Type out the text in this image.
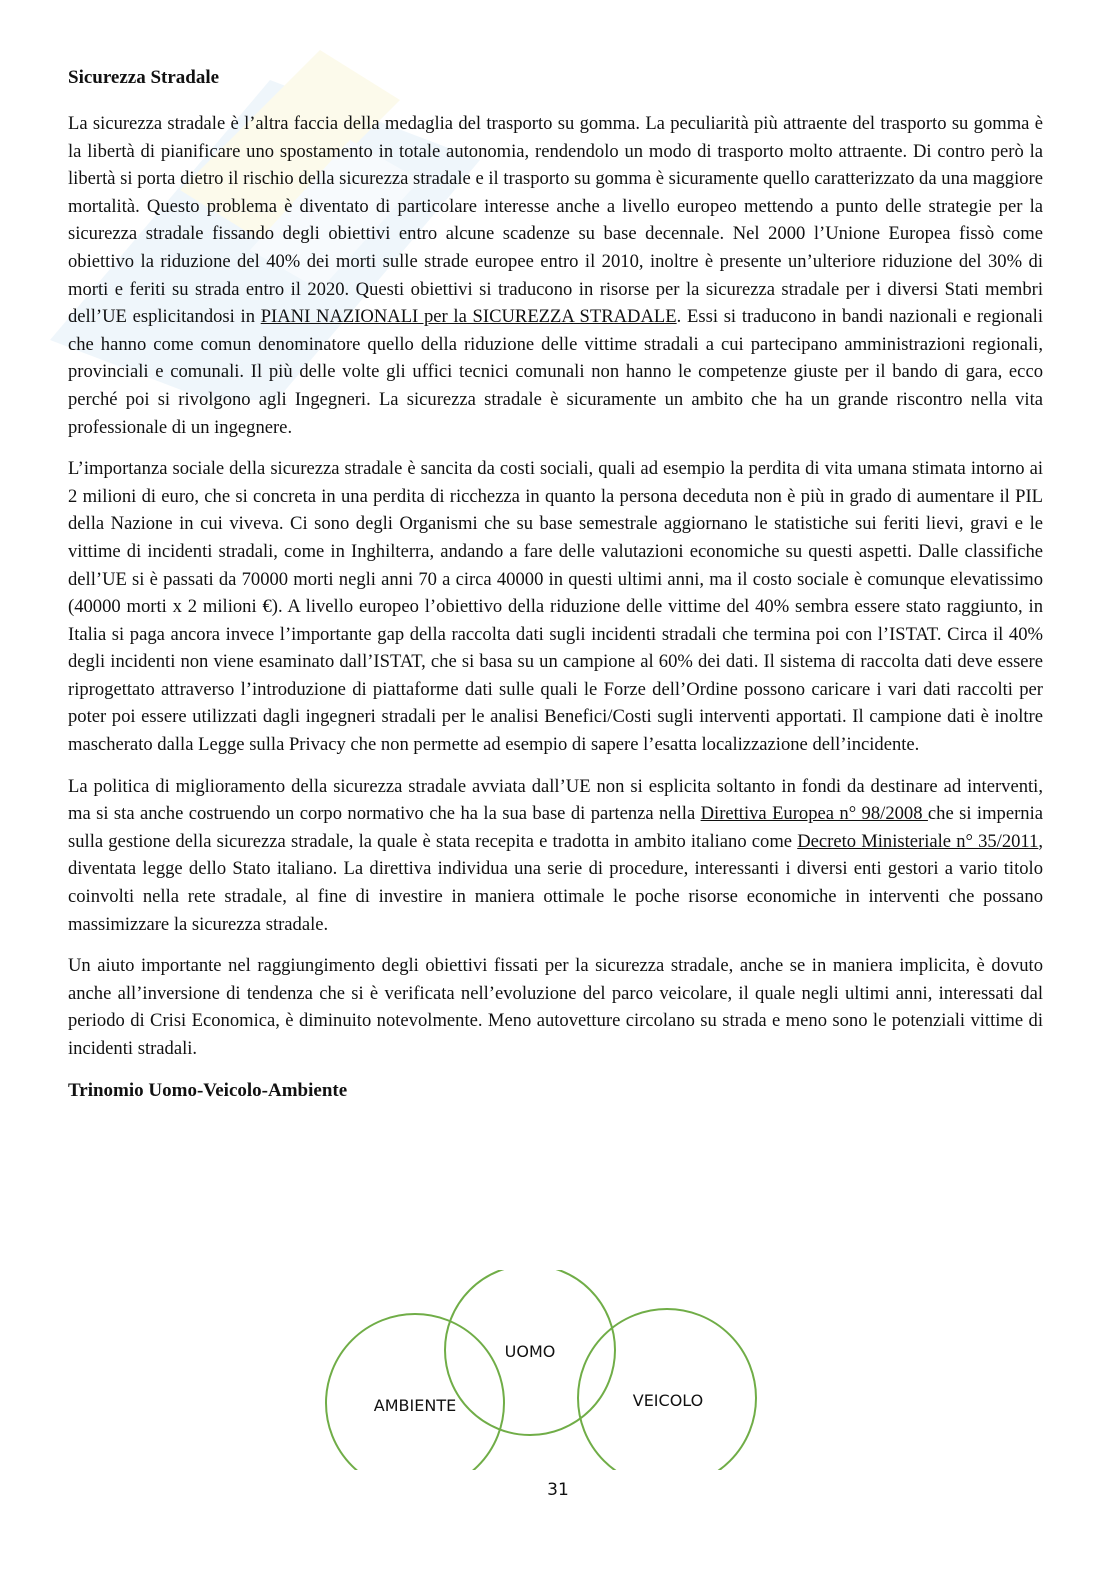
Sicurezza Stradale

La sicurezza stradale è l’altra faccia della medaglia del trasporto su gomma. La peculiarità più attraente del trasporto su gomma è la libertà di pianificare uno spostamento in totale autonomia, rendendolo un modo di trasporto molto attraente. Di contro però la libertà si porta dietro il rischio della sicurezza stradale e il trasporto su gomma è sicuramente quello caratterizzato da una maggiore mortalità. Questo problema è diventato di particolare interesse anche a livello europeo mettendo a punto delle strategie per la sicurezza stradale fissando degli obiettivi entro alcune scadenze su base decennale. Nel 2000 l’Unione Europea fissò come obiettivo la riduzione del 40% dei morti sulle strade europee entro il 2010, inoltre è presente un’ulteriore riduzione del 30% di morti e feriti su strada entro il 2020. Questi obiettivi si traducono in risorse per la sicurezza stradale per i diversi Stati membri dell’UE esplicitandosi in PIANI NAZIONALI per la SICUREZZA STRADALE. Essi si traducono in bandi nazionali e regionali che hanno come comun denominatore quello della riduzione delle vittime stradali a cui partecipano amministrazioni regionali, provinciali e comunali. Il più delle volte gli uffici tecnici comunali non hanno le competenze giuste per il bando di gara, ecco perché poi si rivolgono agli Ingegneri. La sicurezza stradale è sicuramente un ambito che ha un grande riscontro nella vita professionale di un ingegnere.

L’importanza sociale della sicurezza stradale è sancita da costi sociali, quali ad esempio la perdita di vita umana stimata intorno ai 2 milioni di euro, che si concreta in una perdita di ricchezza in quanto la persona deceduta non è più in grado di aumentare il PIL della Nazione in cui viveva. Ci sono degli Organismi che su base semestrale aggiornano le statistiche sui feriti lievi, gravi e le vittime di incidenti stradali, come in Inghilterra, andando a fare delle valutazioni economiche su questi aspetti. Dalle classifiche dell’UE si è passati da 70000 morti negli anni 70 a circa 40000 in questi ultimi anni, ma il costo sociale è comunque elevatissimo (40000 morti x 2 milioni €). A livello europeo l’obiettivo della riduzione delle vittime del 40% sembra essere stato raggiunto, in Italia si paga ancora invece l’importante gap della raccolta dati sugli incidenti stradali che termina poi con l’ISTAT. Circa il 40% degli incidenti non viene esaminato dall’ISTAT, che si basa su un campione al 60% dei dati. Il sistema di raccolta dati deve essere riprogettato attraverso l’introduzione di piattaforme dati sulle quali le Forze dell’Ordine possono caricare i vari dati raccolti per poter poi essere utilizzati dagli ingegneri stradali per le analisi Benefici/Costi sugli interventi apportati. Il campione dati è inoltre mascherato dalla Legge sulla Privacy che non permette ad esempio di sapere l’esatta localizzazione dell’incidente.

La politica di miglioramento della sicurezza stradale avviata dall’UE non si esplicita soltanto in fondi da destinare ad interventi, ma si sta anche costruendo un corpo normativo che ha la sua base di partenza nella Direttiva Europea n° 98/2008 che si impernia sulla gestione della sicurezza stradale, la quale è stata recepita e tradotta in ambito italiano come Decreto Ministeriale n° 35/2011, diventata legge dello Stato italiano. La direttiva individua una serie di procedure, interessanti i diversi enti gestori a vario titolo coinvolti nella rete stradale, al fine di investire in maniera ottimale le poche risorse economiche in interventi che possano massimizzare la sicurezza stradale.

Un aiuto importante nel raggiungimento degli obiettivi fissati per la sicurezza stradale, anche se in maniera implicita, è dovuto anche all’inversione di tendenza che si è verificata nell’evoluzione del parco veicolare, il quale negli ultimi anni, interessati dal periodo di Crisi Economica, è diminuito notevolmente. Meno autovetture circolano su strada e meno sono le potenziali vittime di incidenti stradali.

Trinomio Uomo-Veicolo-Ambiente
UOMO
AMBIENTE	VEICOLO
31
